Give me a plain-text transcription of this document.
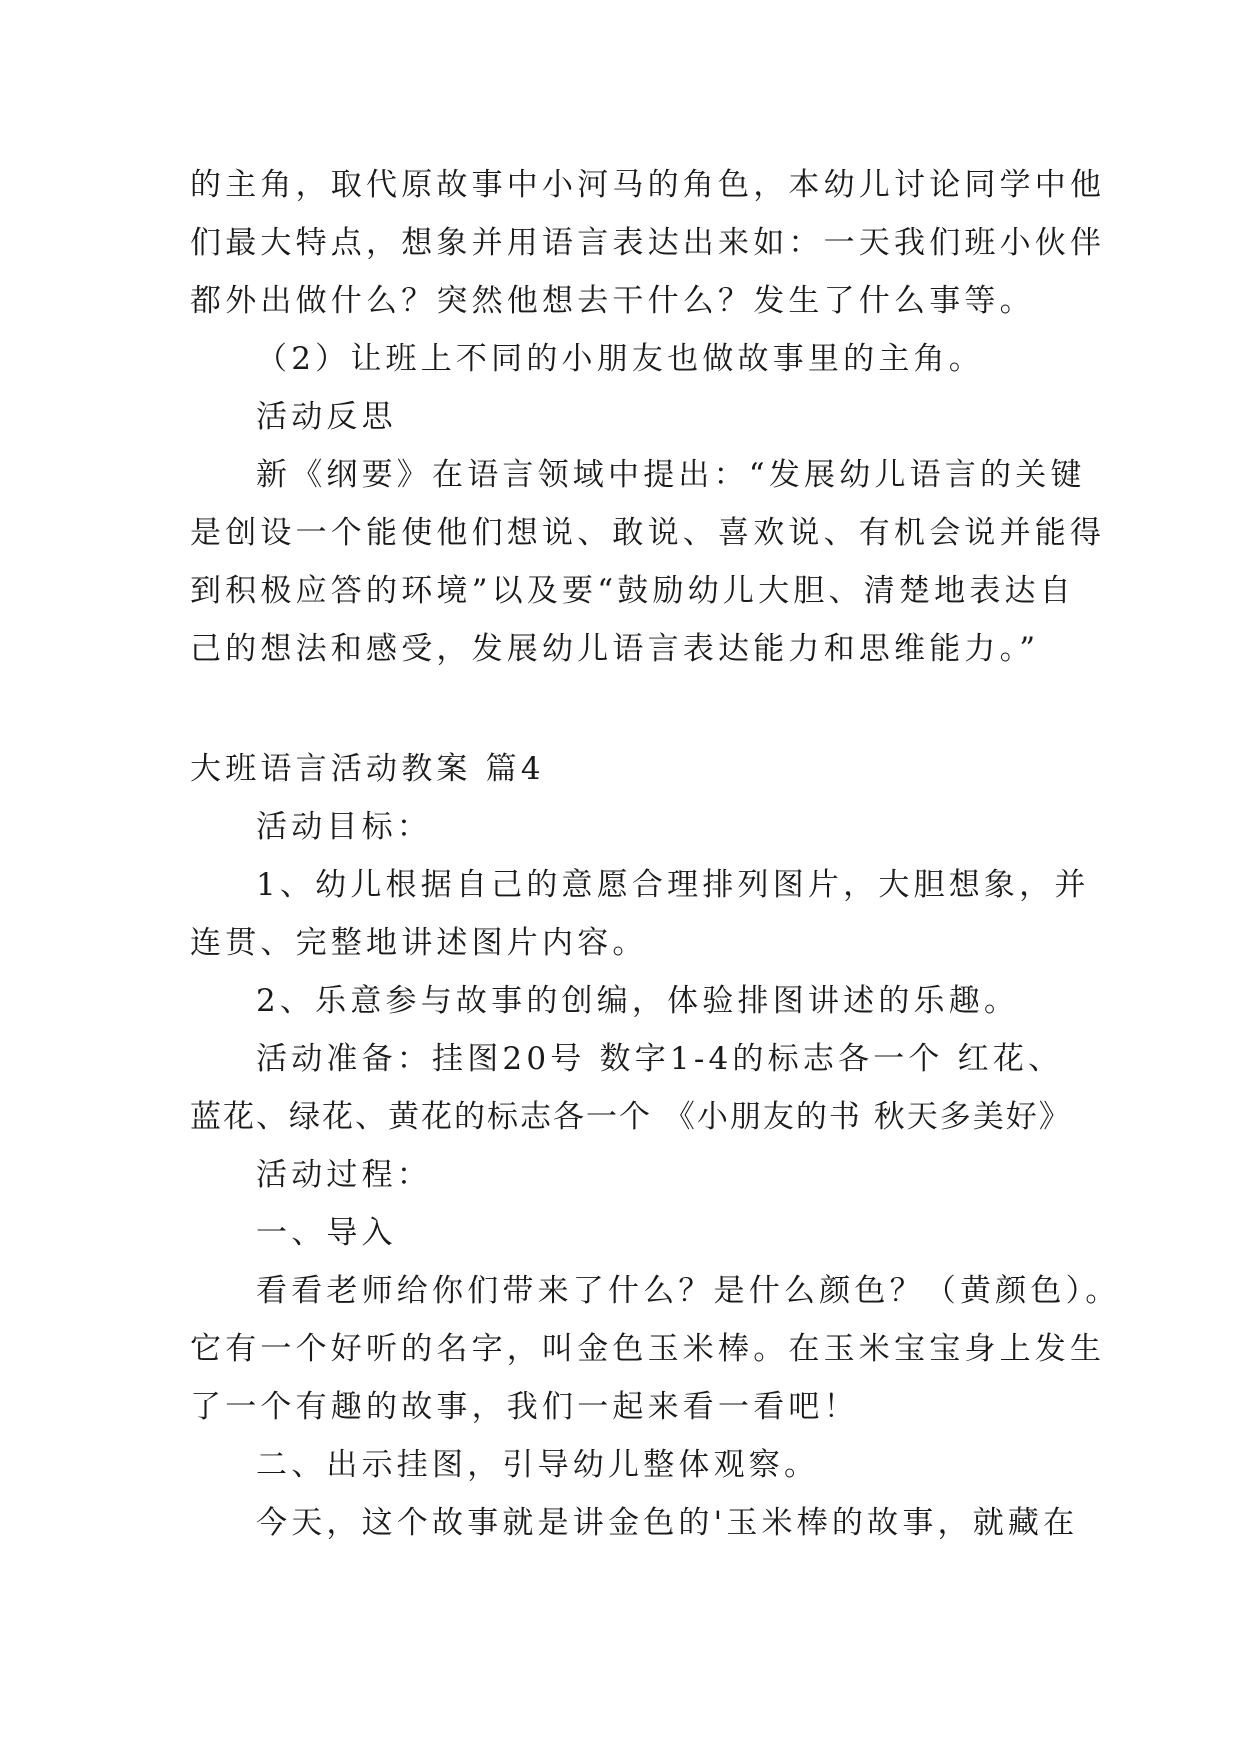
的主角，取代原故事中小河马的角色，本幼儿讨论同学中他
们最大特点，想象并用语言表达出来如：一天我们班小伙伴
都外出做什么？突然他想去干什么？发生了什么事等。
（2）让班上不同的小朋友也做故事里的主角。
活动反思
新《纲要》在语言领域中提出：“发展幼儿语言的关键
是创设一个能使他们想说、敢说、喜欢说、有机会说并能得
到积极应答的环境”以及要“鼓励幼儿大胆、清楚地表达自
己的想法和感受，发展幼儿语言表达能力和思维能力。”
大班语言活动教案 篇4
活动目标：
1、幼儿根据自己的意愿合理排列图片，大胆想象，并
连贯、完整地讲述图片内容。
2、乐意参与故事的创编，体验排图讲述的乐趣。
活动准备：挂图20号 数字1-4的标志各一个 红花、
蓝花、绿花、黄花的标志各一个 《小朋友的书 秋天多美好》
活动过程：
一、导入
看看老师给你们带来了什么？是什么颜色？（黄颜色）。
它有一个好听的名字，叫金色玉米棒。在玉米宝宝身上发生
了一个有趣的故事，我们一起来看一看吧！
二、出示挂图，引导幼儿整体观察。
今天，这个故事就是讲金色的'玉米棒的故事，就藏在
